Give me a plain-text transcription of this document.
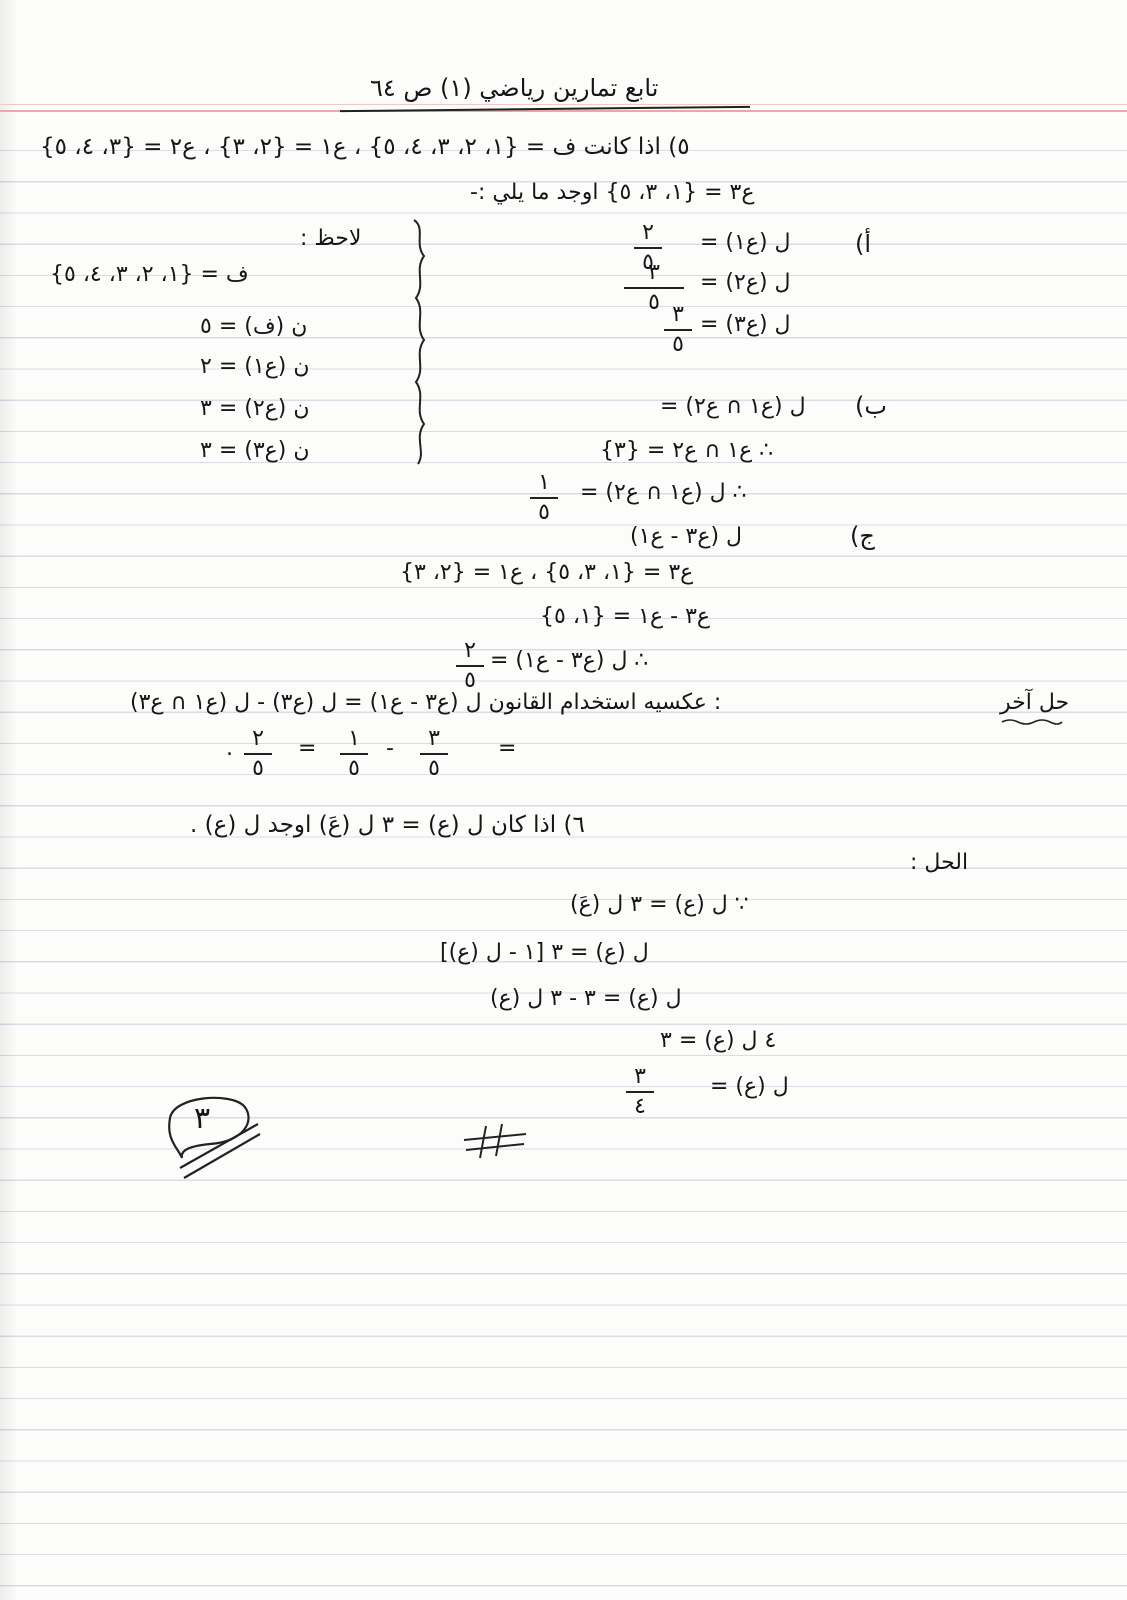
تابع تمارين رياضي (١) ص ٦٤
٥) اذا كانت ف = {١، ٢، ٣، ٤، ٥} ، ع١ = {٢، ٣} ، ع٢ = {٣، ٤، ٥}
ع٣ = {١، ٣، ٥} اوجد ما يلي :-
أ)
ل (ع١) =
٢
٥
ل (ع٢) =
٣
٥
ل (ع٣) =
٣
٥
لاحظ :
ف = {١، ٢، ٣، ٤، ٥}
ن (ف) = ٥
ن (ع١) = ٢
ن (ع٢) = ٣
ن (ع٣) = ٣
ب)
ل (ع١ ∩ ع٢) =
∴ ع١ ∩ ع٢ = {٣}
∴ ل (ع١ ∩ ع٢) =
١
٥
ج)
ل (ع٣ - ع١)
ع٣ = {١، ٣، ٥} ، ع١ = {٢، ٣}
ع٣ - ع١ = {١، ٥}
∴ ل (ع٣ - ع١) =
٢
٥
حل آخر
: عكسيه استخدام القانون ل (ع٣ - ع١) = ل (ع٣) - ل (ع١ ∩ ع٣)
=
٣
٥
-
١
٥
=
٢
٥
.
٦) اذا كان ل (ع) = ٣ ل (عَ) اوجد ل (ع) .
الحل :
∵ ل (ع) = ٣ ل (عَ)
ل (ع) = ٣ [١ - ل (ع)]
ل (ع) = ٣ - ٣ ل (ع)
٤ ل (ع) = ٣
ل (ع) =
٣
٤
٣
